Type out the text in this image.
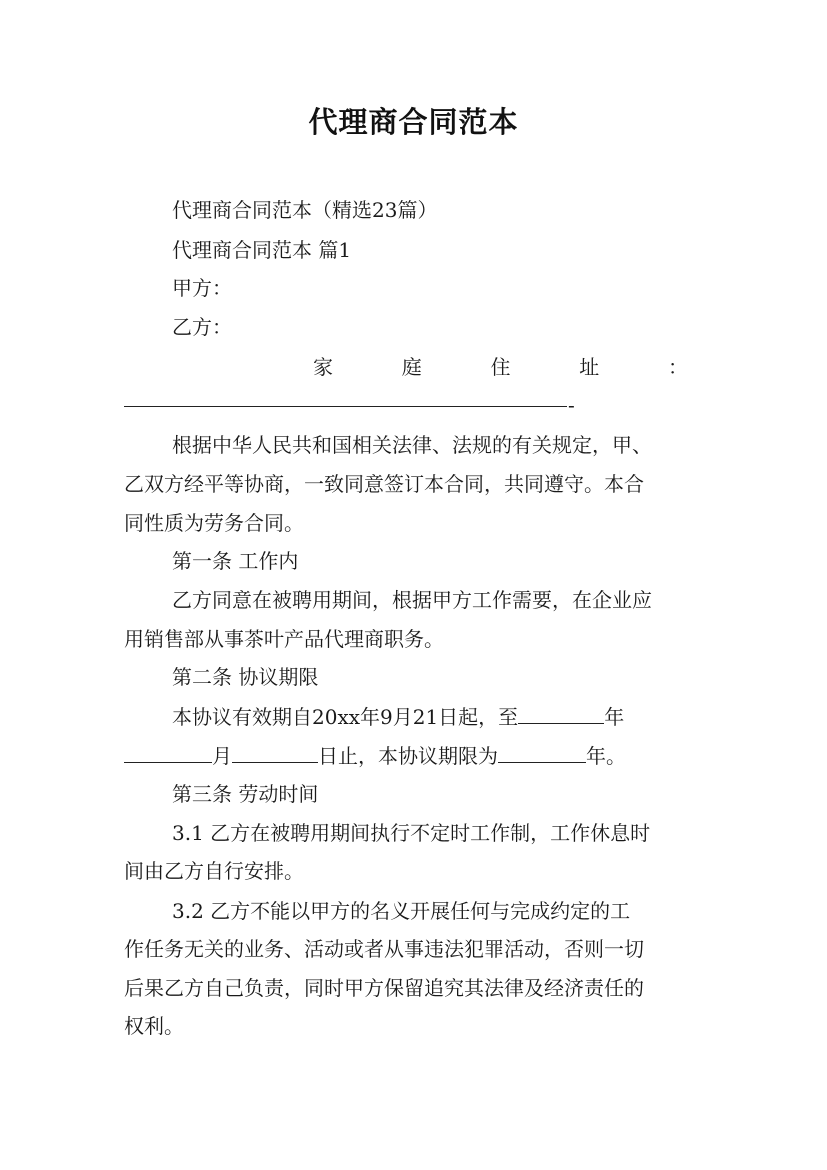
代理商合同范本
代理商合同范本（精选23篇）
代理商合同范本 篇1
甲方：
乙方：
家	庭	住	址	：
-
根据中华人民共和国相关法律、法规的有关规定，甲、
乙双方经平等协商，一致同意签订本合同，共同遵守。本合
同性质为劳务合同。
第一条 工作内
乙方同意在被聘用期间，根据甲方工作需要，在企业应
用销售部从事茶叶产品代理商职务。
第二条 协议期限
本协议有效期自20xx年9月21日起，至	年
月	日止，本协议期限为	年。
第三条 劳动时间
3.1 乙方在被聘用期间执行不定时工作制，工作休息时
间由乙方自行安排。
3.2 乙方不能以甲方的名义开展任何与完成约定的工
作任务无关的业务、活动或者从事违法犯罪活动，否则一切
后果乙方自己负责，同时甲方保留追究其法律及经济责任的
权利。
